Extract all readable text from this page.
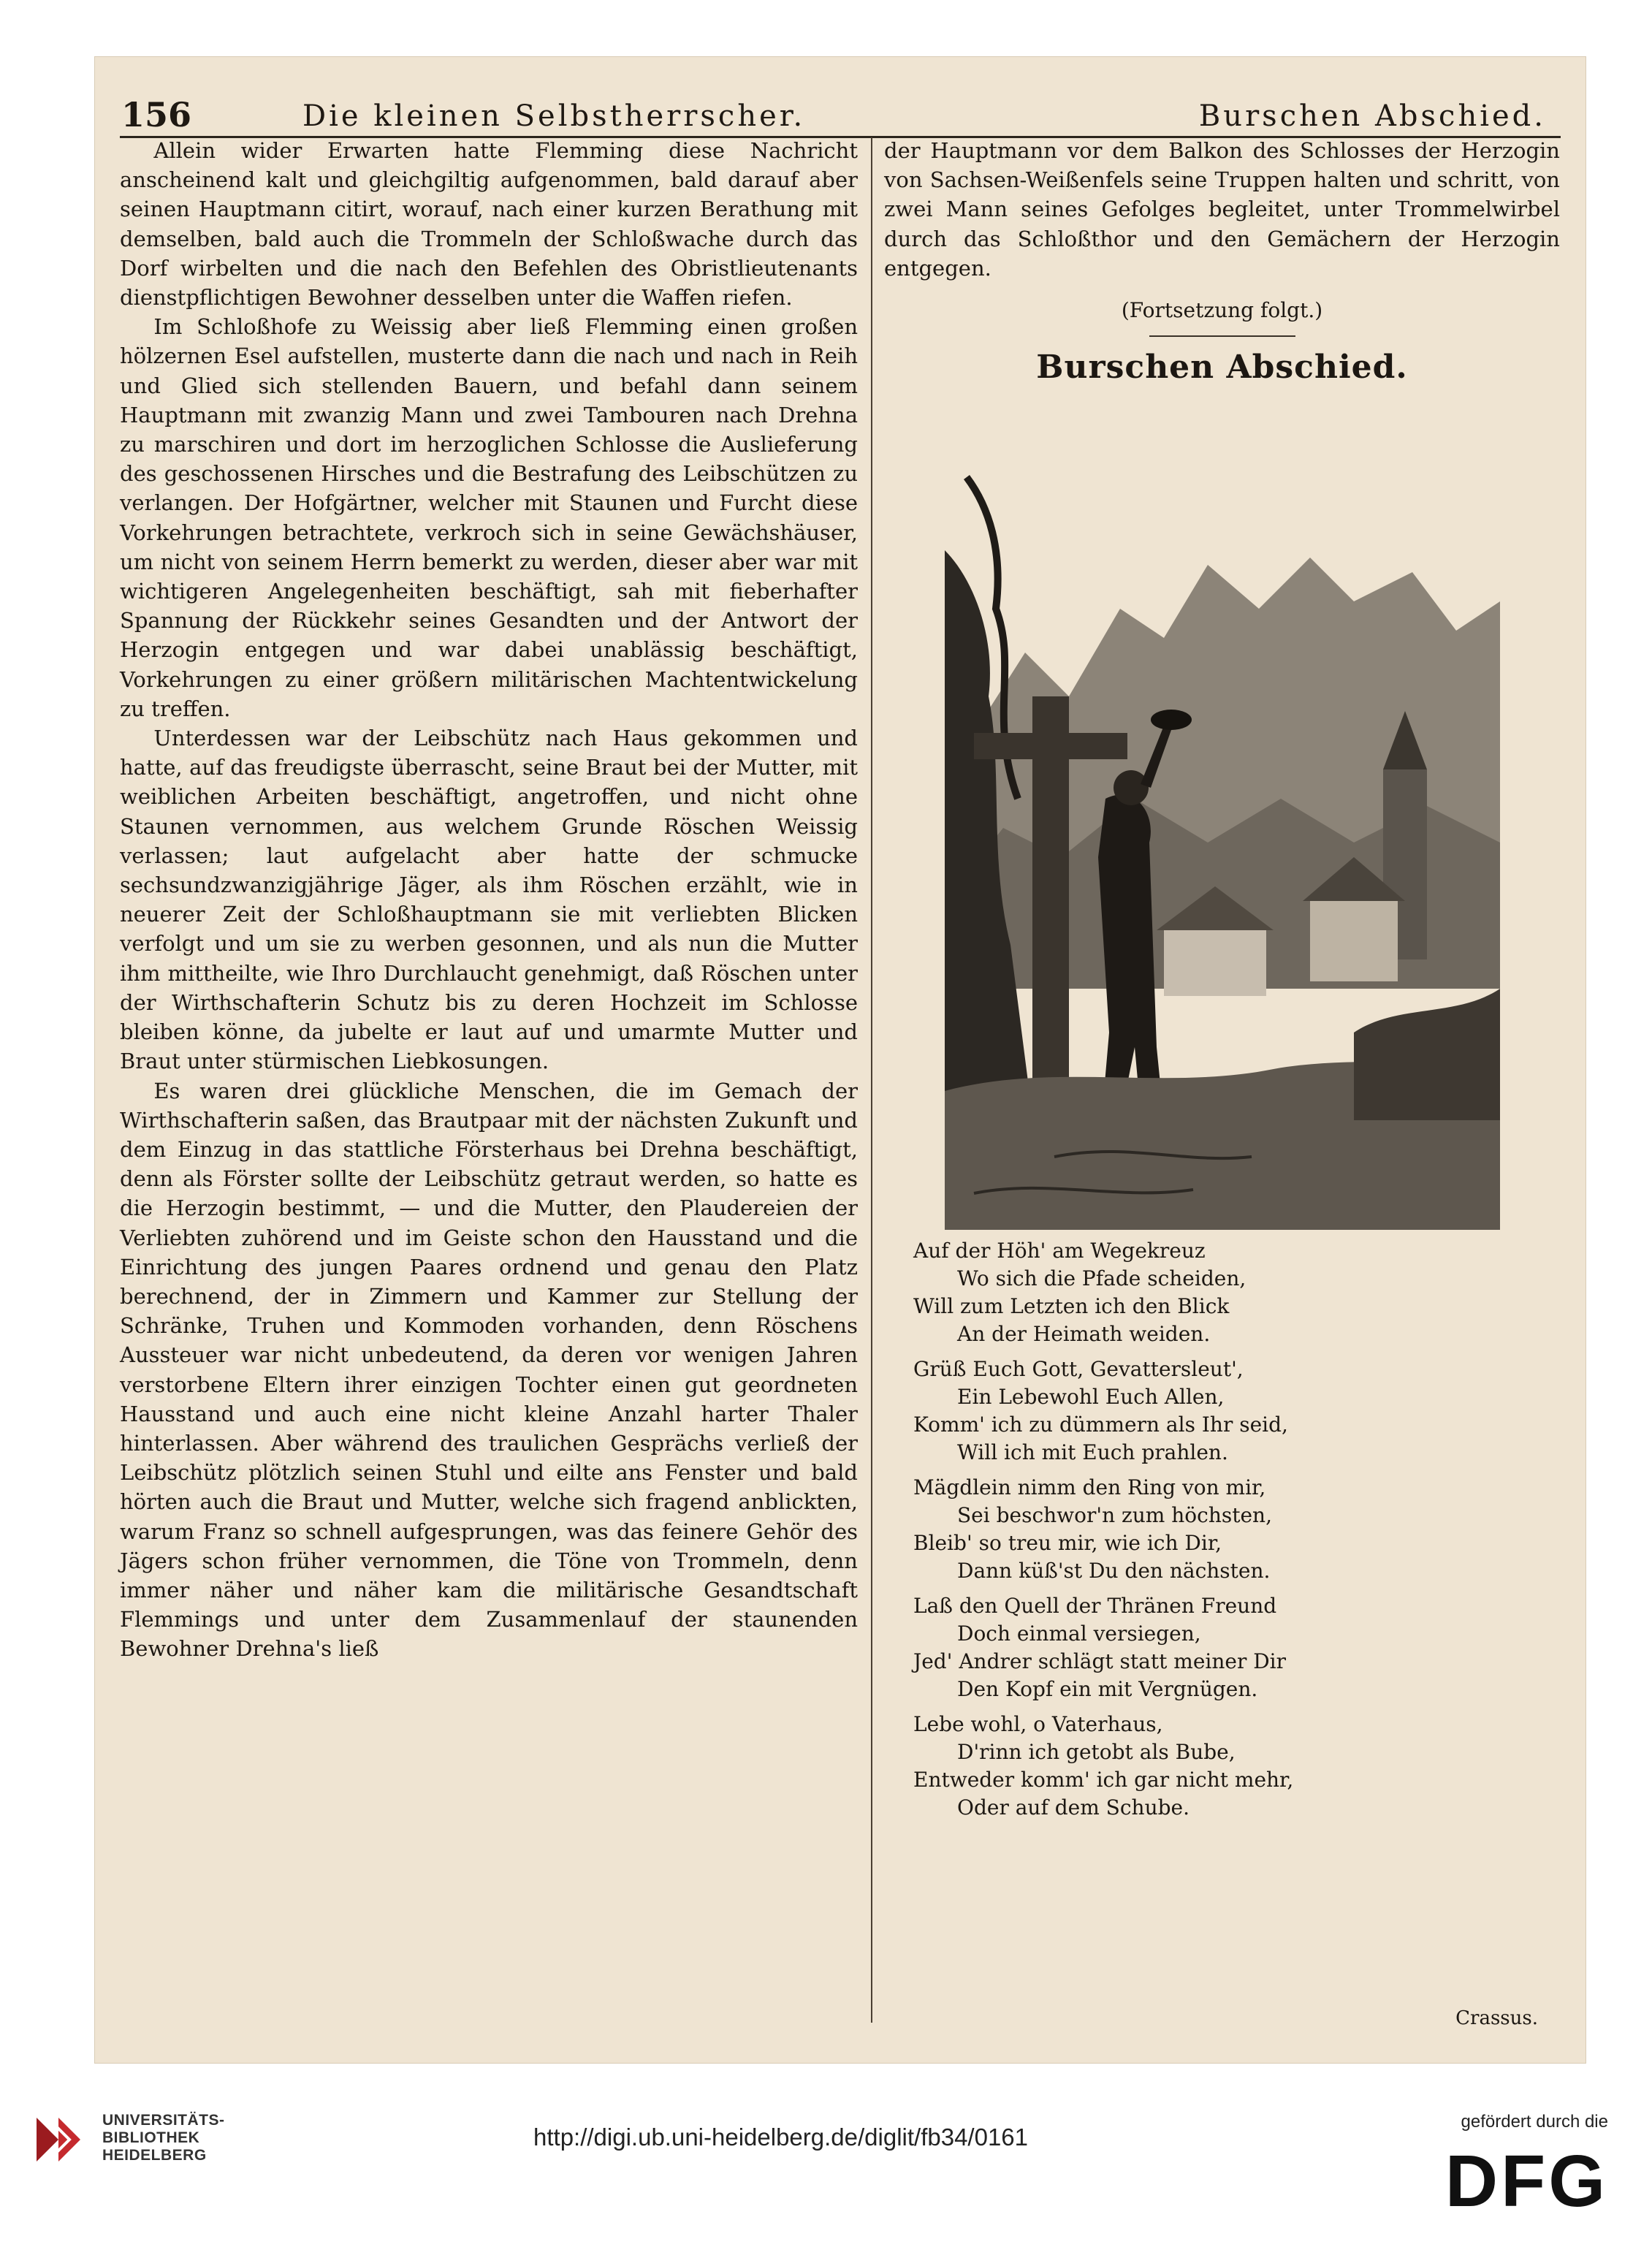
156	Die kleinen Selbstherrscher.	Burschen Abschied.

Allein wider Erwarten hatte Flemming diese Nachricht anscheinend kalt und gleichgiltig aufgenommen, bald darauf aber seinen Hauptmann citirt, worauf, nach einer kurzen Berathung mit demselben, bald auch die Trommeln der Schloßwache durch das Dorf wirbelten und die nach den Befehlen des Obristlieutenants dienstpflichtigen Bewohner desselben unter die Waffen riefen.

Im Schloßhofe zu Weissig aber ließ Flemming einen großen hölzernen Esel aufstellen, musterte dann die nach und nach in Reih und Glied sich stellenden Bauern, und befahl dann seinem Hauptmann mit zwanzig Mann und zwei Tambouren nach Drehna zu marschiren und dort im herzoglichen Schlosse die Auslieferung des geschossenen Hirsches und die Bestrafung des Leibschützen zu verlangen. Der Hofgärtner, welcher mit Staunen und Furcht diese Vorkehrungen betrachtete, verkroch sich in seine Gewächshäuser, um nicht von seinem Herrn bemerkt zu werden, dieser aber war mit wichtigeren Angelegenheiten beschäftigt, sah mit fieberhafter Spannung der Rückkehr seines Gesandten und der Antwort der Herzogin entgegen und war dabei unablässig beschäftigt, Vorkehrungen zu einer größern militärischen Machtentwickelung zu treffen.

Unterdessen war der Leibschütz nach Haus gekommen und hatte, auf das freudigste überrascht, seine Braut bei der Mutter, mit weiblichen Arbeiten beschäftigt, angetroffen, und nicht ohne Staunen vernommen, aus welchem Grunde Röschen Weissig verlassen; laut aufgelacht aber hatte der schmucke sechsundzwanzigjährige Jäger, als ihm Röschen erzählt, wie in neuerer Zeit der Schloßhauptmann sie mit verliebten Blicken verfolgt und um sie zu werben gesonnen, und als nun die Mutter ihm mittheilte, wie Ihro Durchlaucht genehmigt, daß Röschen unter der Wirthschafterin Schutz bis zu deren Hochzeit im Schlosse bleiben könne, da jubelte er laut auf und umarmte Mutter und Braut unter stürmischen Liebkosungen.

Es waren drei glückliche Menschen, die im Gemach der Wirthschafterin saßen, das Brautpaar mit der nächsten Zukunft und dem Einzug in das stattliche Försterhaus bei Drehna beschäftigt, denn als Förster sollte der Leibschütz getraut werden, so hatte es die Herzogin bestimmt, — und die Mutter, den Plaudereien der Verliebten zuhörend und im Geiste schon den Hausstand und die Einrichtung des jungen Paares ordnend und genau den Platz berechnend, der in Zimmern und Kammer zur Stellung der Schränke, Truhen und Kommoden vorhanden, denn Röschens Aussteuer war nicht unbedeutend, da deren vor wenigen Jahren verstorbene Eltern ihrer einzigen Tochter einen gut geordneten Hausstand und auch eine nicht kleine Anzahl harter Thaler hinterlassen. Aber während des traulichen Gesprächs verließ der Leibschütz plötzlich seinen Stuhl und eilte ans Fenster und bald hörten auch die Braut und Mutter, welche sich fragend anblickten, warum Franz so schnell aufgesprungen, was das feinere Gehör des Jägers schon früher vernommen, die Töne von Trommeln, denn immer näher und näher kam die militärische Gesandtschaft Flemmings und unter dem Zusammenlauf der staunenden Bewohner Drehna's ließ

der Hauptmann vor dem Balkon des Schlosses der Herzogin von Sachsen-Weißenfels seine Truppen halten und schritt, von zwei Mann seines Gefolges begleitet, unter Trommelwirbel durch das Schloßthor und den Gemächern der Herzogin entgegen.

(Fortsetzung folgt.)
Burschen Abschied.
Auf der Höh' am Wegekreuz
Wo sich die Pfade scheiden,
Will zum Letzten ich den Blick
An der Heimath weiden.
Grüß Euch Gott, Gevattersleut',
Ein Lebewohl Euch Allen,
Komm' ich zu dümmern als Ihr seid,
Will ich mit Euch prahlen.
Mägdlein nimm den Ring von mir,
Sei beschwor'n zum höchsten,
Bleib' so treu mir, wie ich Dir,
Dann küß'st Du den nächsten.
Laß den Quell der Thränen Freund
Doch einmal versiegen,
Jed' Andrer schlägt statt meiner Dir
Den Kopf ein mit Vergnügen.
Lebe wohl, o Vaterhaus,
D'rinn ich getobt als Bube,
Entweder komm' ich gar nicht mehr,
Oder auf dem Schube.
Crassus.
UNIVERSITÄTS-
BIBLIOTHEK
HEIDELBERG
http://digi.ub.uni-heidelberg.de/diglit/fb34/0161
gefördert durch die
DFG
